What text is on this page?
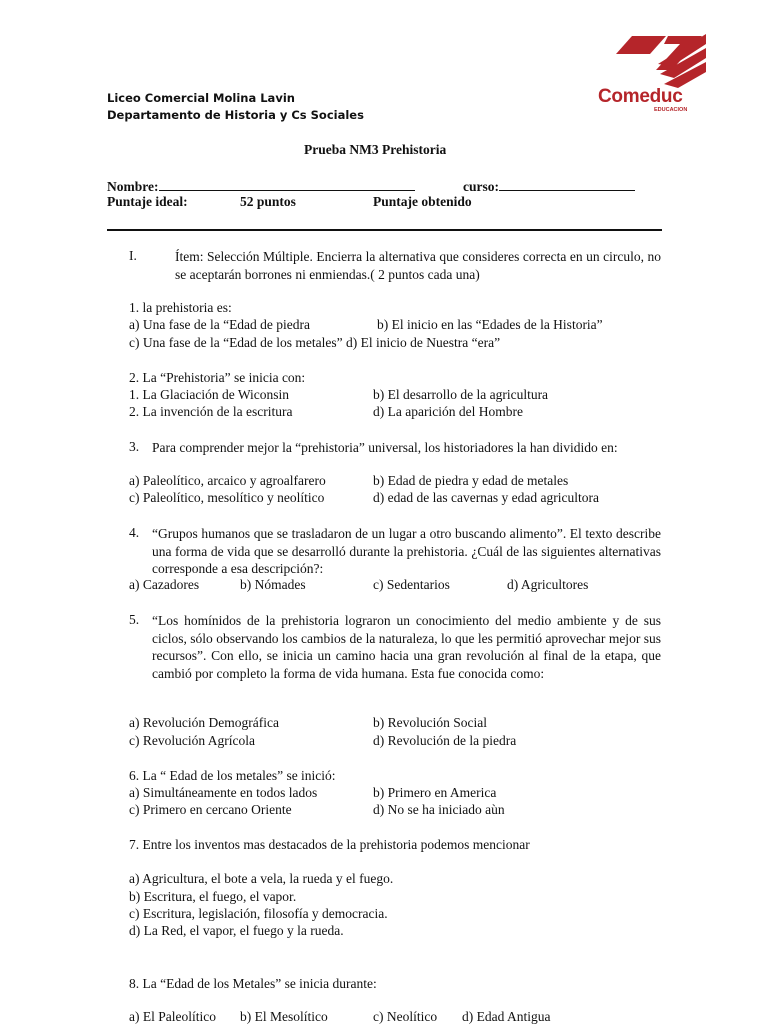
Comeduc
EDUCACION
Liceo Comercial Molina Lavin
Departamento de Historia y Cs Sociales
Prueba NM3 Prehistoria
Nombre:	curso:
Puntaje ideal:	52 puntos	Puntaje obtenido
I.	Ítem: Selección Múltiple. Encierra la alternativa que consideres correcta en un circulo, no se aceptarán borrones ni enmiendas.( 2 puntos cada una)
1. la prehistoria es:
a) Una fase de la “Edad de piedra	b) El inicio en las “Edades de la Historia”
c) Una fase de la “Edad de los metales” d) El inicio de Nuestra “era”
2. La “Prehistoria” se inicia con:
1. La Glaciación de Wiconsin	b) El desarrollo de la agricultura
2. La invención de la escritura	d) La aparición del Hombre
3. Para comprender mejor la “prehistoria” universal, los historiadores la han dividido en:
a) Paleolítico, arcaico y agroalfarero	b) Edad de piedra y edad de metales
c) Paleolítico, mesolítico y neolítico	d) edad de las cavernas y edad agricultora
4. “Grupos humanos que se trasladaron de un lugar a otro buscando alimento”. El texto describe una forma de vida que se desarrolló durante la prehistoria. ¿Cuál de las siguientes alternativas corresponde a esa descripción?:
a) Cazadores	b) Nómades	c) Sedentarios	d) Agricultores
5. “Los homínidos de la prehistoria lograron un conocimiento del medio ambiente y de sus ciclos, sólo observando los cambios de la naturaleza, lo que les permitió aprovechar mejor sus recursos”. Con ello, se inicia un camino hacia una gran revolución al final de la etapa, que cambió por completo la forma de vida humana. Esta fue conocida como:
a) Revolución Demográfica	b) Revolución Social
c) Revolución Agrícola	d) Revolución de la piedra
6. La “ Edad de los metales” se inició:
a) Simultáneamente en todos lados	b) Primero en America
c) Primero en cercano Oriente	d) No se ha iniciado aùn
7. Entre los inventos mas destacados de la prehistoria podemos mencionar
a) Agricultura, el bote a vela, la rueda y el fuego.
b) Escritura, el fuego, el vapor.
c) Escritura, legislación, filosofía y democracia.
d) La Red, el vapor, el fuego y la rueda.
8. La “Edad de los Metales” se inicia durante:
a) El Paleolítico b) El Mesolítico	c) Neolítico d) Edad Antigua
